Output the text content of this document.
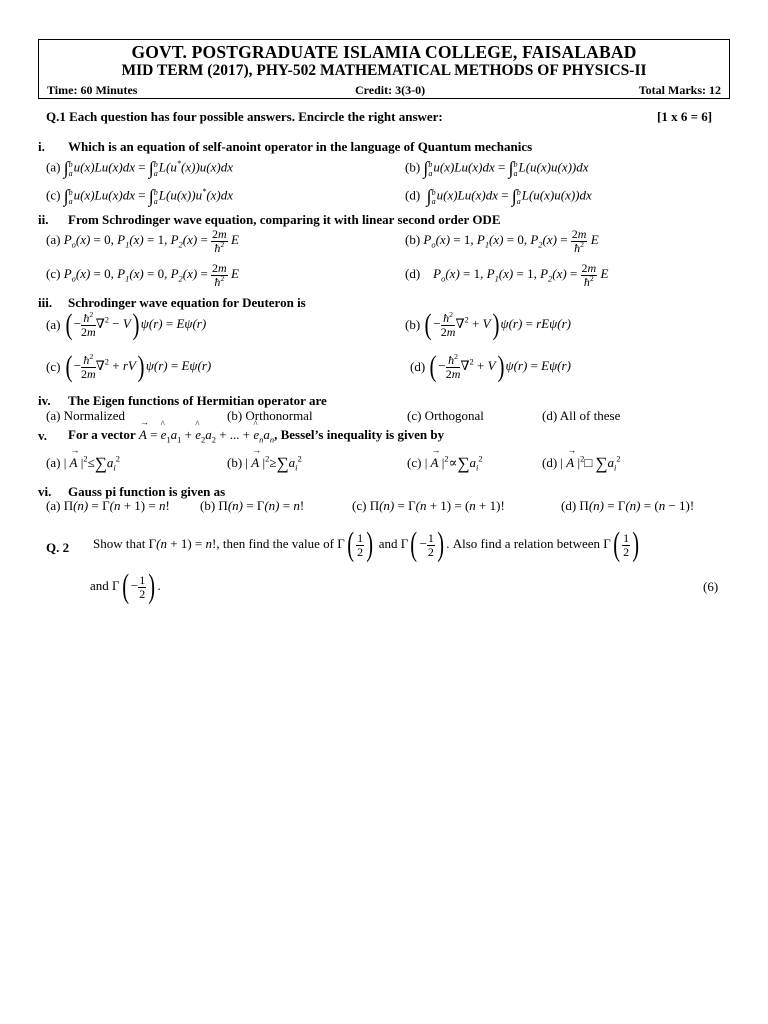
GOVT. POSTGRADUATE ISLAMIA COLLEGE, FAISALABAD
MID TERM (2017), PHY-502 MATHEMATICAL METHODS OF PHYSICS-II
Time: 60 Minutes	Credit: 3(3-0)	Total Marks: 12
Q.1 Each question has four possible answers. Encircle the right answer:	[1 x 6 = 6]
i. Which is an equation of self-anoint operator in the language of Quantum mechanics
(a) ∫ b
a u(x)Lu(x)dx = ∫ b
a L(u*(x))u(x)dx	(b) ∫ b
a u(x)Lu(x)dx = ∫ b
a L(u(x)u(x))dx
(c) ∫ b
a u(x)Lu(x)dx = ∫ b
a L(u(x))u*(x)dx	(d) ∫ b
a u(x)Lu(x)dx = ∫ b
a L(u(x)u(x))dx
ii. From Schrodinger wave equation, comparing it with linear second order ODE
(a) $P_o(x) = 0$, $P_1(x) = 1$, $P_2(x) = \frac{2m}{ħ^2}$ E	(b) $P_o(x) = 1$, $P_1(x) = 0$, $P_2(x) = \frac{2m}{ħ^2}$ E
(c) $P_o(x) = 0$, $P_1(x) = 0$, $P_2(x) = \frac{2m}{ħ^2}$ E	(d)    $P_o(x) = 1$, $P_1(x) = 1$, $P_2(x) = \frac{2m}{ħ^2}$ E
iii. Schrodinger wave equation for Deuteron is
(a) ( − $\frac{ħ^2}{2m} \nabla^2 - V$) ψ(r) = Eψ(r)	(b) ( − $\frac{ħ^2}{2m} \nabla^2 + V$) ψ(r) = rEψ(r)
(c) ( − $\frac{ħ^2}{2m} \nabla^2 + rV$) ψ(r) = Eψ(r)	(d) ( − $\frac{ħ^2}{2m} \nabla^2 + V$) ψ(r) = Eψ(r)
iv. The Eigen functions of Hermitian operator are
(a) Normalized	(b) Orthonormal	(c) Orthogonal	(d) All of these
v. For a vector → A = ^ $e_1a_1$ + ^ $e_2a_2$ + ... + ^ $e_na_n$, Bessel’s inequality is given by
(a) | → A $|^2\le\sum a_i^2$	(b) | → A $|^2\ge\sum a_i^2$	(c) | → A $|^2\propto\sum a_i^2$	(d) | → A $|^2□$ $\sum a_i^2$
vi. Gauss pi function is given as
(a) Π(n) = Γ(n + 1) = n! (b) Π(n) = Γ(n) = n!	(c) Π(n) = Γ(n + 1) = (n + 1)!	(d) Π(n) = Γ(n) = (n − 1)!
Q. 2 Show that Γ(n + 1) = n!, then find the value of $\Gamma( \frac{1}{2}$ ) and $\Gamma( - \frac{1}{2}$ ) . Also find a relation between $\Gamma( \frac{1}{2}$ )
and $\Gamma( - \frac{1}{2}$ ) .	(6)
